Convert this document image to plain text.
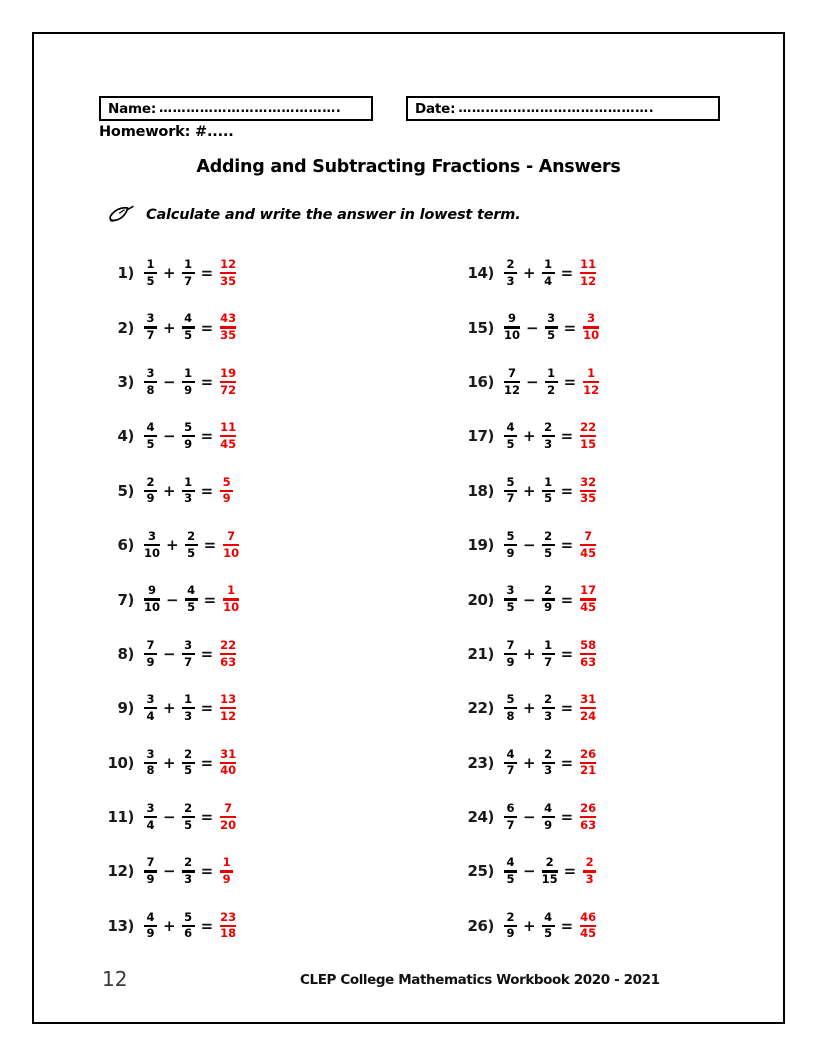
Name: ………………………………….	Date: …………………………………….
Homework: #.....
Adding and Subtracting Fractions - Answers
Calculate and write the answer in lowest term.
$1) \frac{1}{5} + \frac{1}{7} = \frac{12}{35}$
$2) \frac{3}{7} + \frac{4}{5} = \frac{43}{35}$
$3) \frac{3}{8} - \frac{1}{9} = \frac{19}{72}$
$4) \frac{4}{5} - \frac{5}{9} = \frac{11}{45}$
$5) \frac{2}{9} + \frac{1}{3} = \frac{5}{9}$
$6) \frac{3}{10} + \frac{2}{5} = \frac{7}{10}$
$7) \frac{9}{10} - \frac{4}{5} = \frac{1}{10}$
$8) \frac{7}{9} - \frac{3}{7} = \frac{22}{63}$
$9) \frac{3}{4} + \frac{1}{3} = \frac{13}{12}$
$10) \frac{3}{8} + \frac{2}{5} = \frac{31}{40}$
$11) \frac{3}{4} - \frac{2}{5} = \frac{7}{20}$
$12) \frac{7}{9} - \frac{2}{3} = \frac{1}{9}$
$13) \frac{4}{9} + \frac{5}{6} = \frac{23}{18}$
$14) \frac{2}{3} + \frac{1}{4} = \frac{11}{12}$
$15) \frac{9}{10} - \frac{3}{5} = \frac{3}{10}$
$16) \frac{7}{12} - \frac{1}{2} = \frac{1}{12}$
$17) \frac{4}{5} + \frac{2}{3} = \frac{22}{15}$
$18) \frac{5}{7} + \frac{1}{5} = \frac{32}{35}$
$19) \frac{5}{9} - \frac{2}{5} = \frac{7}{45}$
$20) \frac{3}{5} - \frac{2}{9} = \frac{17}{45}$
$21) \frac{7}{9} + \frac{1}{7} = \frac{58}{63}$
$22) \frac{5}{8} + \frac{2}{3} = \frac{31}{24}$
$23) \frac{4}{7} + \frac{2}{3} = \frac{26}{21}$
$24) \frac{6}{7} - \frac{4}{9} = \frac{26}{63}$
$25) \frac{4}{5} - \frac{2}{15} = \frac{2}{3}$
$26) \frac{2}{9} + \frac{4}{5} = \frac{46}{45}$
12	CLEP College Mathematics Workbook 2020 - 2021
